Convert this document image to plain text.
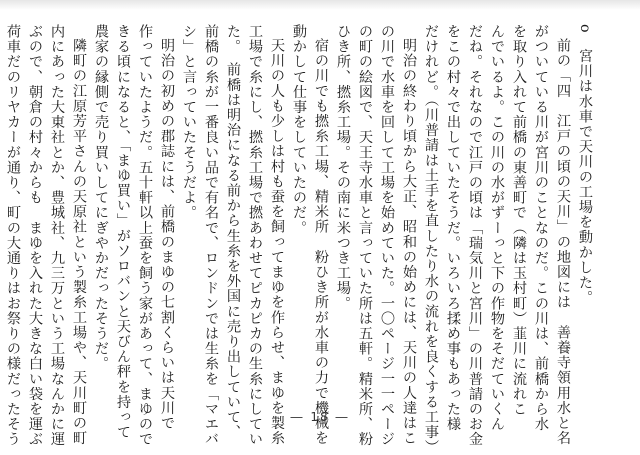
o　宮川は水車で天川の工場を動かした。
前の「四　江戸の頃の天川」の地図には　善養寺領用水と名
がついている川が宮川のことなのだ。この川は、前橋から水
を取り入れて前橋の東善町で（隣は玉村町）韮川に流れこ
んでいるよ。この川の水がずーっと下の作物をそだていくん
だね。それなので江戸の頃は「瑞気川と宮川」の川普請のお金
をこの村々で出していたそうだ。いろいろ揉め事もあった様
だけれど。（川普請は土手を直したり水の流れを良くする工事）
明治の終わり頃から大正、昭和の始めには、天川の人達はこ
の川で水車を回して工場を始めていた。一〇ページ一一ページ
の町の絵図で、天王寺水車と言っていた所は五軒。精米所、粉
ひき所、撚糸工場。その南に米つき工場。
宿の川でも撚糸工場、精米所　粉ひき所が水車の力で機械を
動かして仕事をしていたのだ。
天川の人も少しは村も蚕を飼ってまゆを作らせ、まゆを製糸
工場で糸にし、撚糸工場で撚あわせてピカピカの生糸にしてい
た。　前橋は明治になる前から生糸を外国に売り出していて、
前橋の糸が一番良い品で有名で、ロンドンでは生糸を「マエバ
シ」と言っていたそうだよ。
明治の初めの郡誌には、前橋のまゆの七割くらいは天川で
作っていたようだ。五十軒以上蚕を飼う家があって、まゆので
きる頃になると、「まゆ買い」がソロバンと天びん秤を持って
農家の縁側で売り買いしてにぎやかだったそうだ。
隣町の江原芳平さんの天原社という製糸工場や、天川町の町
内にあった大東社とか、豊城社、九三万という工場なんかに運
ぶので、朝倉の村々からも　まゆを入れた大きな白い袋を運ぶ
荷車だのリヤカーが通り、町の大通りはお祭りの様だったそう	― 18 ―
